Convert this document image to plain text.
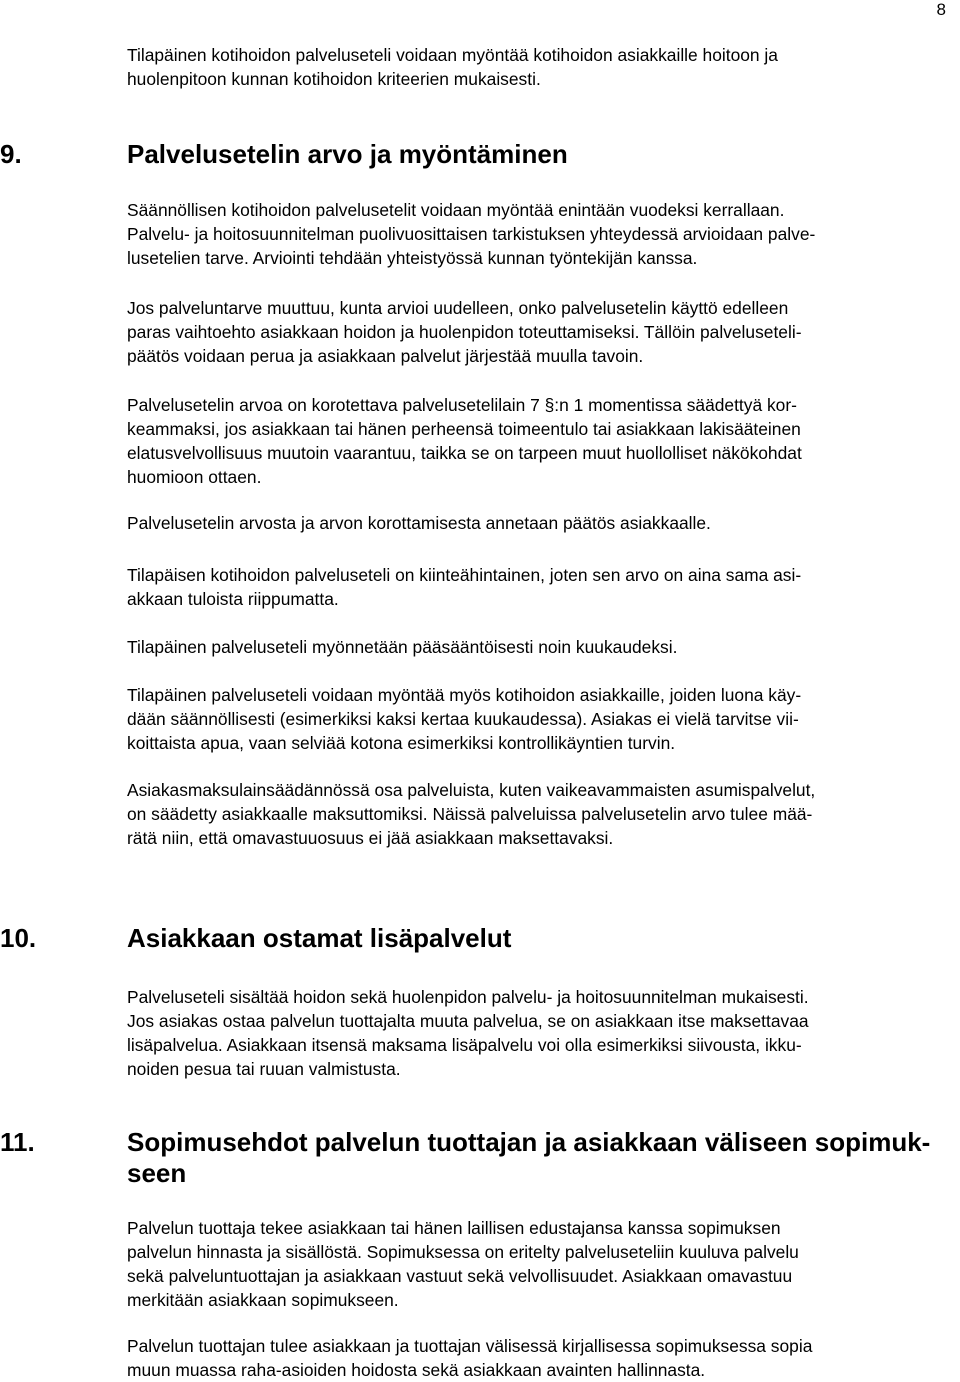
8

Tilapäinen kotihoidon palveluseteli voidaan myöntää kotihoidon asiakkaille hoitoon ja

huolenpitoon kunnan kotihoidon kriteerien mukaisesti.

9.	Palvelusetelin arvo ja myöntäminen

Säännöllisen kotihoidon palvelusetelit voidaan myöntää enintään vuodeksi kerrallaan.

Palvelu- ja hoitosuunnitelman puolivuosittaisen tarkistuksen yhteydessä arvioidaan palve-

lusetelien tarve. Arviointi tehdään yhteistyössä kunnan työntekijän kanssa.

Jos palveluntarve muuttuu, kunta arvioi uudelleen, onko palvelusetelin käyttö edelleen

paras vaihtoehto asiakkaan hoidon ja huolenpidon toteuttamiseksi. Tällöin palveluseteli-

päätös voidaan perua ja asiakkaan palvelut järjestää muulla tavoin.

Palvelusetelin arvoa on korotettava palvelusetelilain 7 §:n 1 momentissa säädettyä kor-

keammaksi, jos asiakkaan tai hänen perheensä toimeentulo tai asiakkaan lakisääteinen

elatusvelvollisuus muutoin vaarantuu, taikka se on tarpeen muut huollolliset näkökohdat

huomioon ottaen.

Palvelusetelin arvosta ja arvon korottamisesta annetaan päätös asiakkaalle.

Tilapäisen kotihoidon palveluseteli on kiinteähintainen, joten sen arvo on aina sama asi-

akkaan tuloista riippumatta.

Tilapäinen palveluseteli myönnetään pääsääntöisesti noin kuukaudeksi.

Tilapäinen palveluseteli voidaan myöntää myös kotihoidon asiakkaille, joiden luona käy-

dään säännöllisesti (esimerkiksi kaksi kertaa kuukaudessa). Asiakas ei vielä tarvitse vii-

koittaista apua, vaan selviää kotona esimerkiksi kontrollikäyntien turvin.

Asiakasmaksulainsäädännössä osa palveluista, kuten vaikeavammaisten asumispalvelut,

on säädetty asiakkaalle maksuttomiksi. Näissä palveluissa palvelusetelin arvo tulee mää-

rätä niin, että omavastuuosuus ei jää asiakkaan maksettavaksi.

10.	Asiakkaan ostamat lisäpalvelut

Palveluseteli sisältää hoidon sekä huolenpidon palvelu- ja hoitosuunnitelman mukaisesti.

Jos asiakas ostaa palvelun tuottajalta muuta palvelua, se on asiakkaan itse maksettavaa

lisäpalvelua. Asiakkaan itsensä maksama lisäpalvelu voi olla esimerkiksi siivousta, ikku-

noiden pesua tai ruuan valmistusta.

11.	Sopimusehdot palvelun tuottajan ja asiakkaan väliseen sopimuk-
seen

Palvelun tuottaja tekee asiakkaan tai hänen laillisen edustajansa kanssa sopimuksen

palvelun hinnasta ja sisällöstä. Sopimuksessa on eritelty palveluseteliin kuuluva palvelu

sekä palveluntuottajan ja asiakkaan vastuut sekä velvollisuudet. Asiakkaan omavastuu

merkitään asiakkaan sopimukseen.

Palvelun tuottajan tulee asiakkaan ja tuottajan välisessä kirjallisessa sopimuksessa sopia

muun muassa raha-asioiden hoidosta sekä asiakkaan avainten hallinnasta.
